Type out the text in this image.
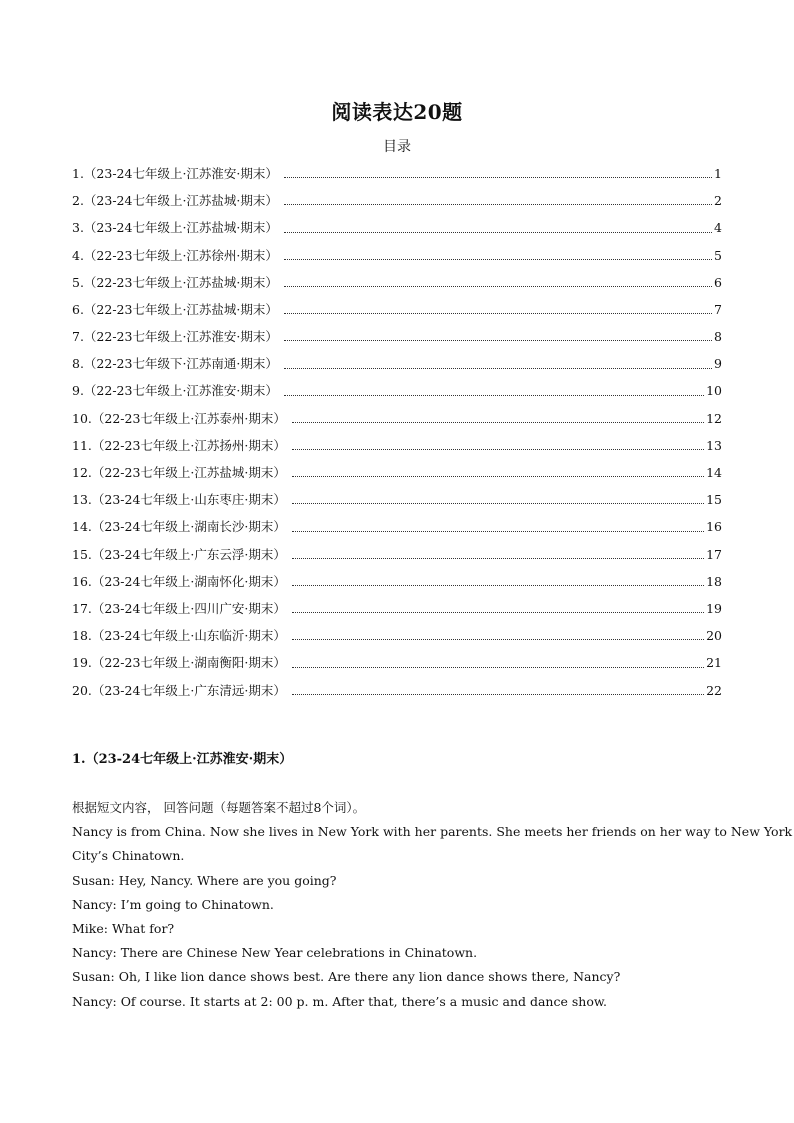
阅读表达20题
目录
1.（23-24七年级上·江苏淮安·期末）	1
2.（23-24七年级上·江苏盐城·期末）	2
3.（23-24七年级上·江苏盐城·期末）	4
4.（22-23七年级上·江苏徐州·期末）	5
5.（22-23七年级上·江苏盐城·期末）	6
6.（22-23七年级上·江苏盐城·期末）	7
7.（22-23七年级上·江苏淮安·期末）	8
8.（22-23七年级下·江苏南通·期末）	9
9.（22-23七年级上·江苏淮安·期末）	10
10.（22-23七年级上·江苏泰州·期末）	12
11.（22-23七年级上·江苏扬州·期末）	13
12.（22-23七年级上·江苏盐城·期末）	14
13.（23-24七年级上·山东枣庄·期末）	15
14.（23-24七年级上·湖南长沙·期末）	16
15.（23-24七年级上·广东云浮·期末）	17
16.（23-24七年级上·湖南怀化·期末）	18
17.（23-24七年级上·四川广安·期末）	19
18.（23-24七年级上·山东临沂·期末）	20
19.（22-23七年级上·湖南衡阳·期末）	21
20.（23-24七年级上·广东清远·期末）	22
1.（23-24七年级上·江苏淮安·期末）
根据短文内容， 回答问题（每题答案不超过8个词）。
Nancy is from China. Now she lives in New York with her parents. She meets her friends on her way to New York
City’s Chinatown.
Susan: Hey, Nancy. Where are you going?
Nancy: I’m going to Chinatown.
Mike: What for?
Nancy: There are Chinese New Year celebrations in Chinatown.
Susan: Oh, I like lion dance shows best. Are there any lion dance shows there, Nancy?
Nancy: Of course. It starts at 2: 00 p. m. After that, there’s a music and dance show.
